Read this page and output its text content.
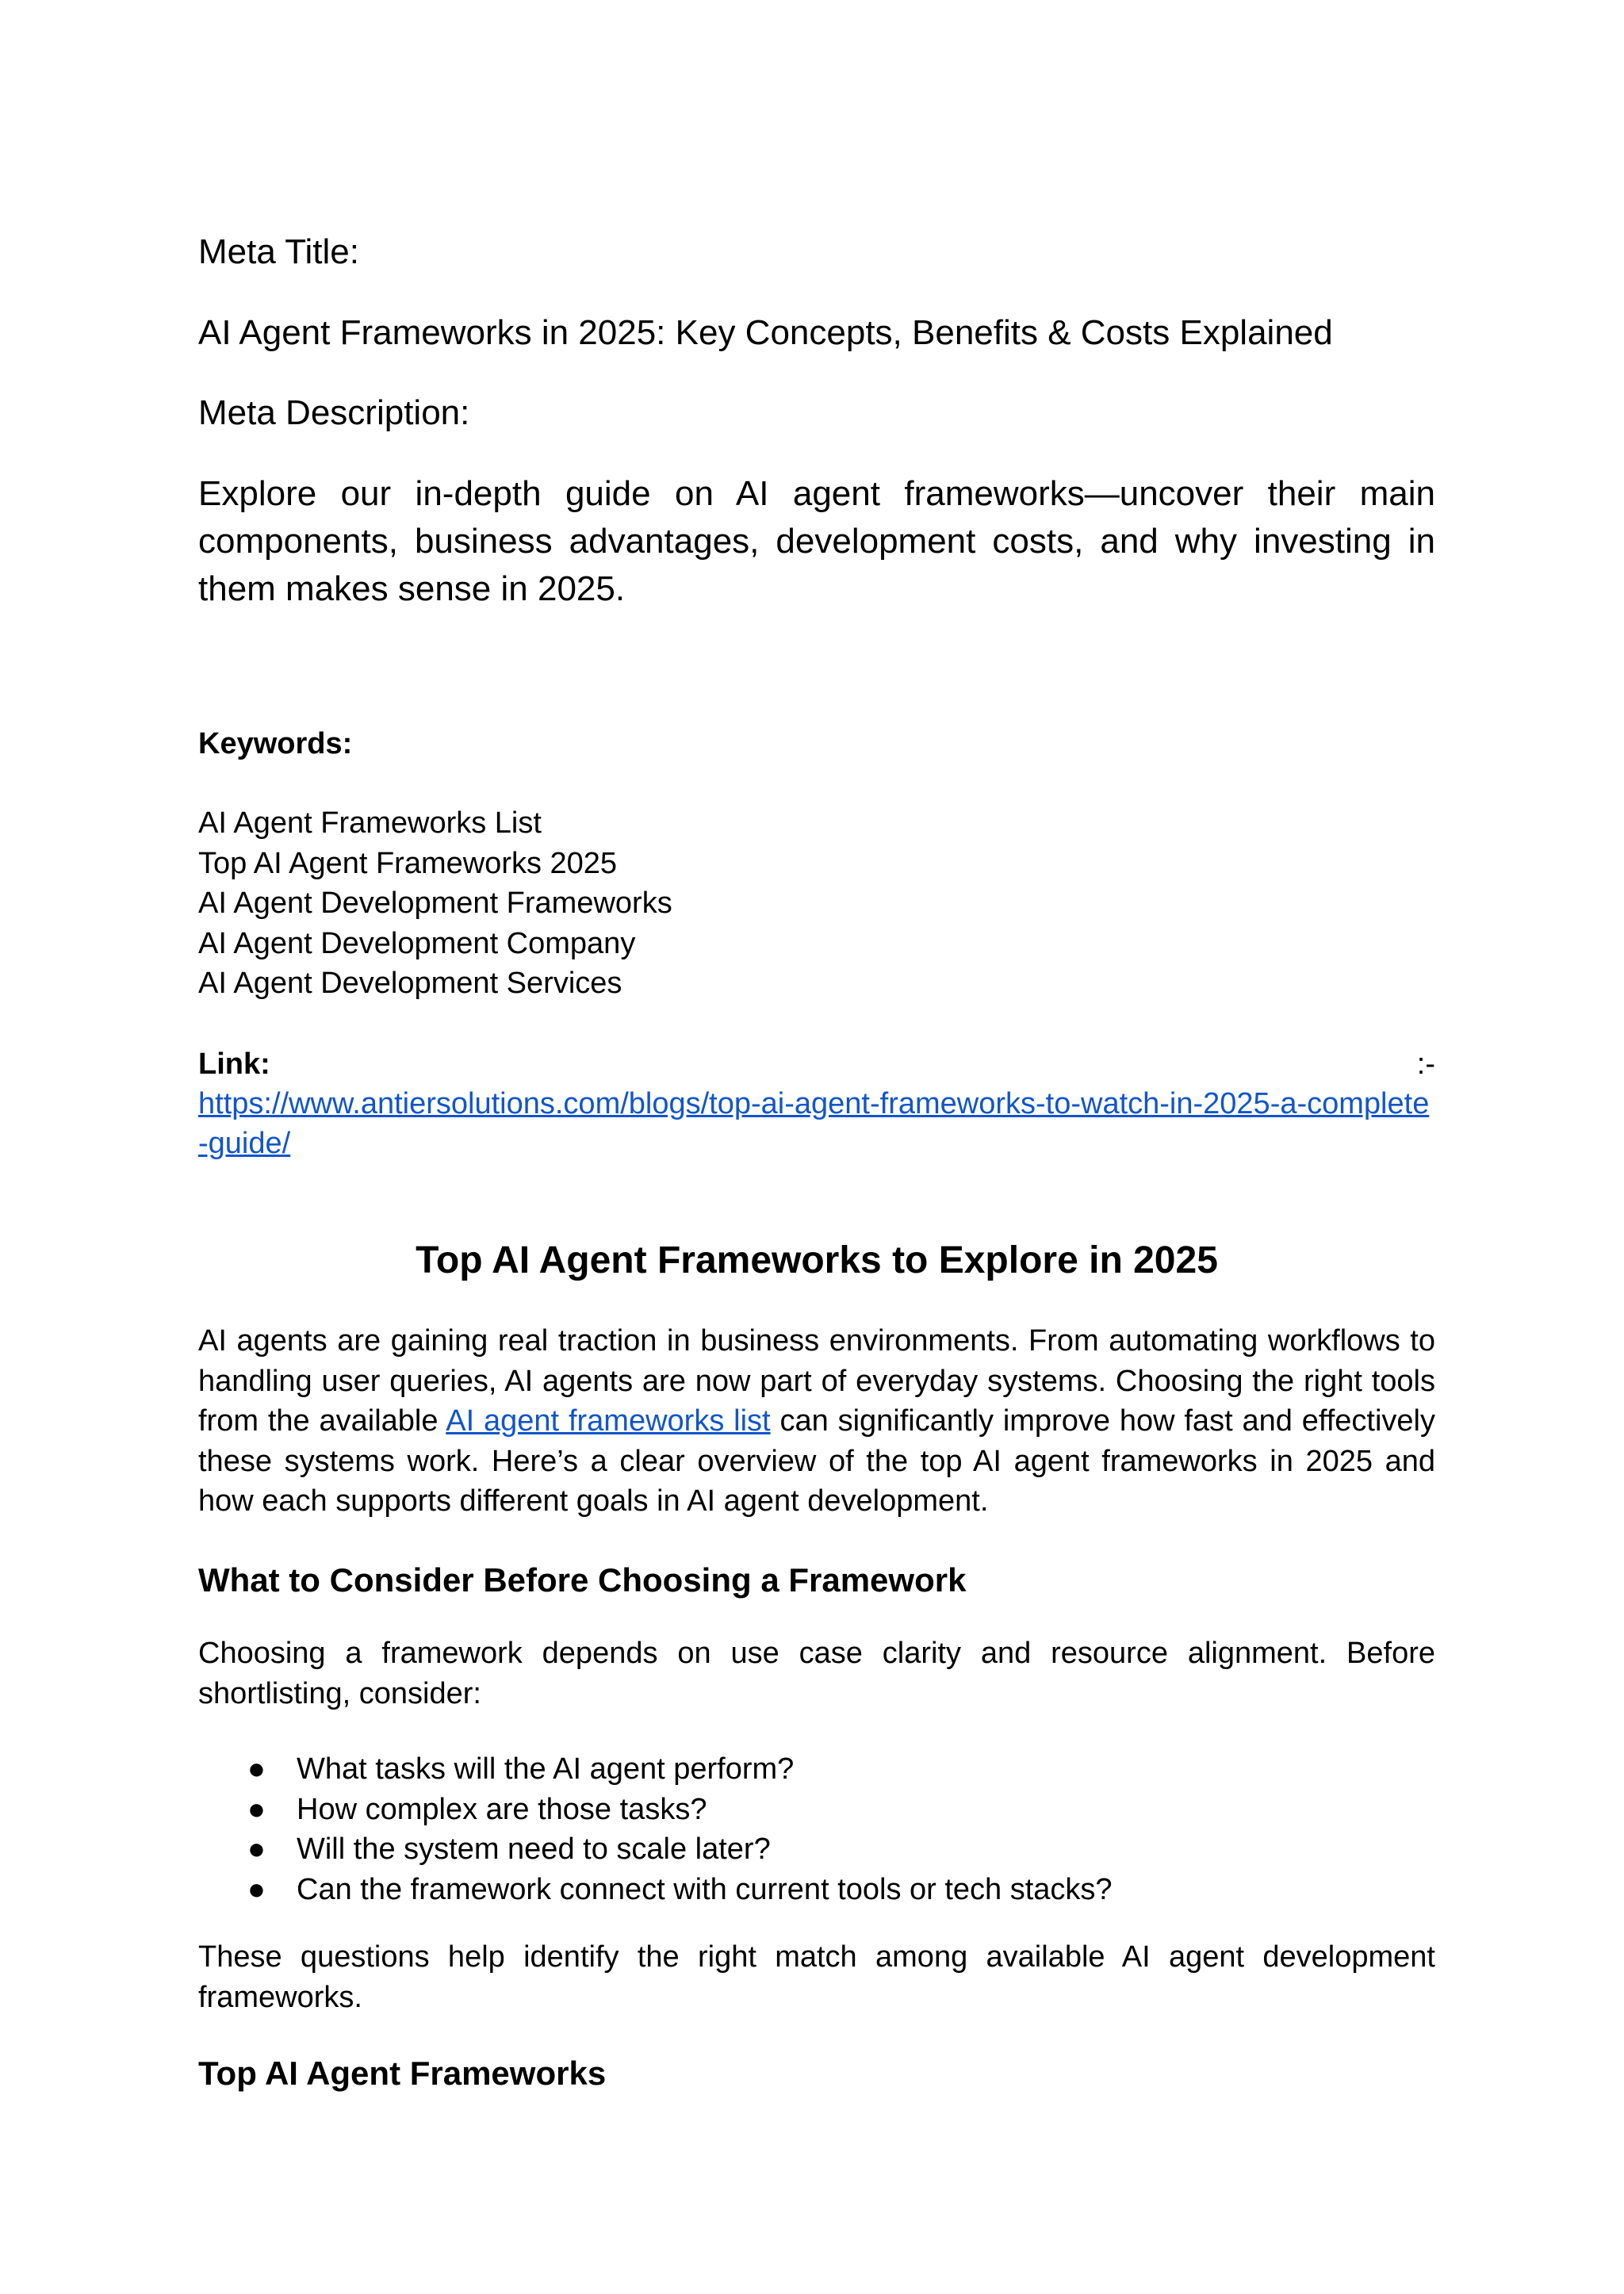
Meta Title:

AI Agent Frameworks in 2025: Key Concepts, Benefits & Costs Explained

Meta Description:

Explore our in-depth guide on AI agent frameworks—uncover their main components, business advantages, development costs, and why investing in them makes sense in 2025.

Keywords:

AI Agent Frameworks List
Top AI Agent Frameworks 2025
AI Agent Development Frameworks
AI Agent Development Company
AI Agent Development Services
Link:	:-
https://www.antiersolutions.com/blogs/top-ai-agent-frameworks-to-watch-in-2025-a-complete-guide/
Top AI Agent Frameworks to Explore in 2025

AI agents are gaining real traction in business environments. From automating workflows to handling user queries, AI agents are now part of everyday systems. Choosing the right tools from the available AI agent frameworks list can significantly improve how fast and effectively these systems work. Here’s a clear overview of the top AI agent frameworks in 2025 and how each supports different goals in AI agent development.

What to Consider Before Choosing a Framework

Choosing a framework depends on use case clarity and resource alignment. Before shortlisting, consider:

● What tasks will the AI agent perform?
● How complex are those tasks?
● Will the system need to scale later?
● Can the framework connect with current tools or tech stacks?

These questions help identify the right match among available AI agent development frameworks.

Top AI Agent Frameworks
